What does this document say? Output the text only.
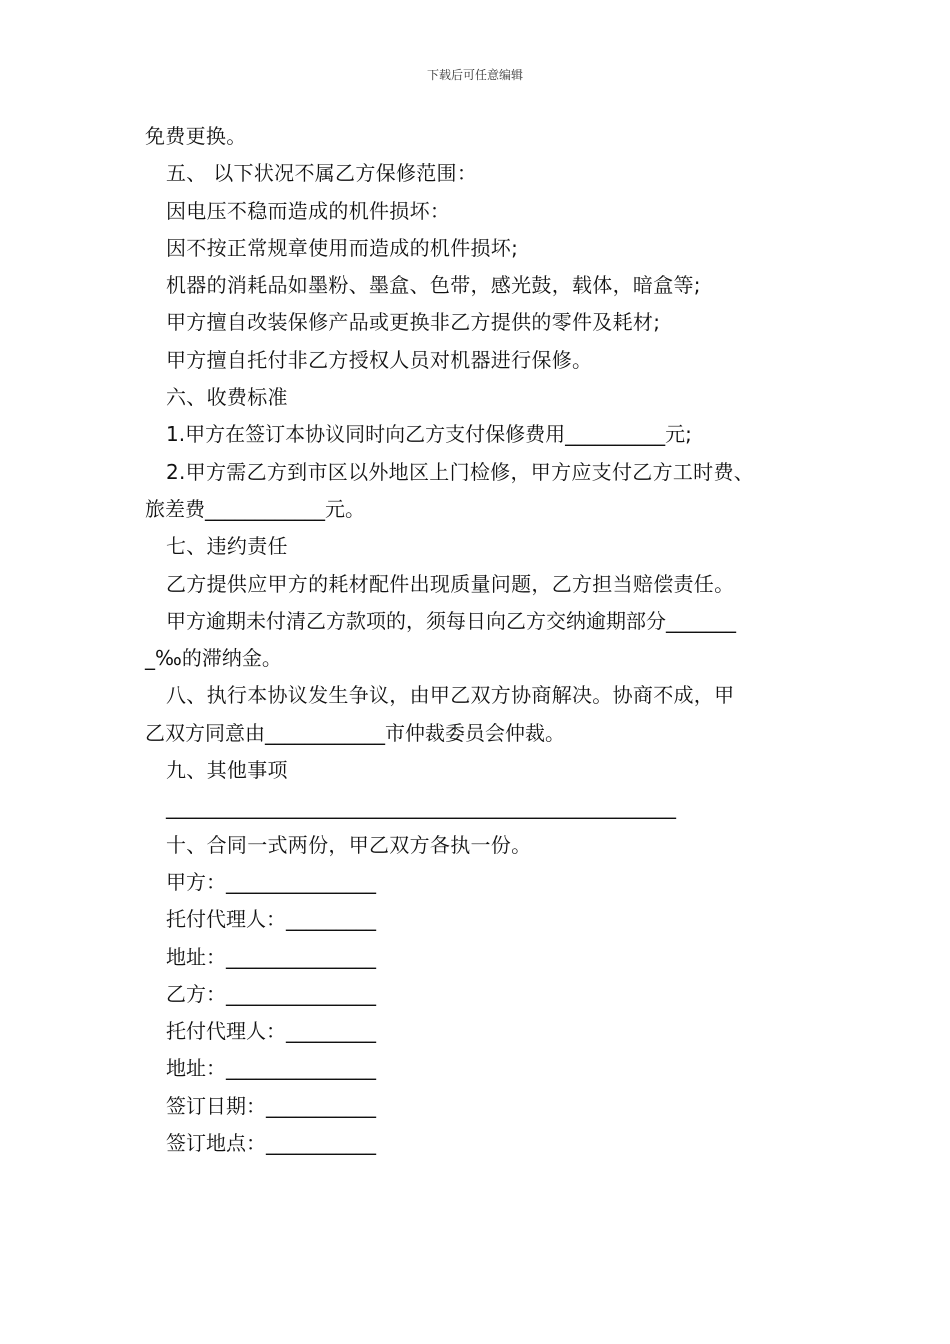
下载后可任意编辑
免费更换。
五、 以下状况不属乙方保修范围：
因电压不稳而造成的机件损坏：
因不按正常规章使用而造成的机件损坏;
机器的消耗品如墨粉、墨盒、色带，感光鼓，载体，暗盒等;
甲方擅自改装保修产品或更换非乙方提供的零件及耗材;
甲方擅自托付非乙方授权人员对机器进行保修。
六、收费标准
1.甲方在签订本协议同时向乙方支付保修费用__________元;
2.甲方需乙方到市区以外地区上门检修，甲方应支付乙方工时费、
旅差费____________元。
七、违约责任
乙方提供应甲方的耗材配件出现质量问题，乙方担当赔偿责任。
甲方逾期未付清乙方款项的，须每日向乙方交纳逾期部分_______
_‰的滞纳金。
八、执行本协议发生争议，由甲乙双方协商解决。协商不成，甲
乙双方同意由____________市仲裁委员会仲裁。
九、其他事项
___________________________________________________
十、合同一式两份，甲乙双方各执一份。
甲方：_______________
托付代理人：_________
地址：_______________
乙方：_______________
托付代理人：_________
地址：_______________
签订日期：___________
签订地点：___________
